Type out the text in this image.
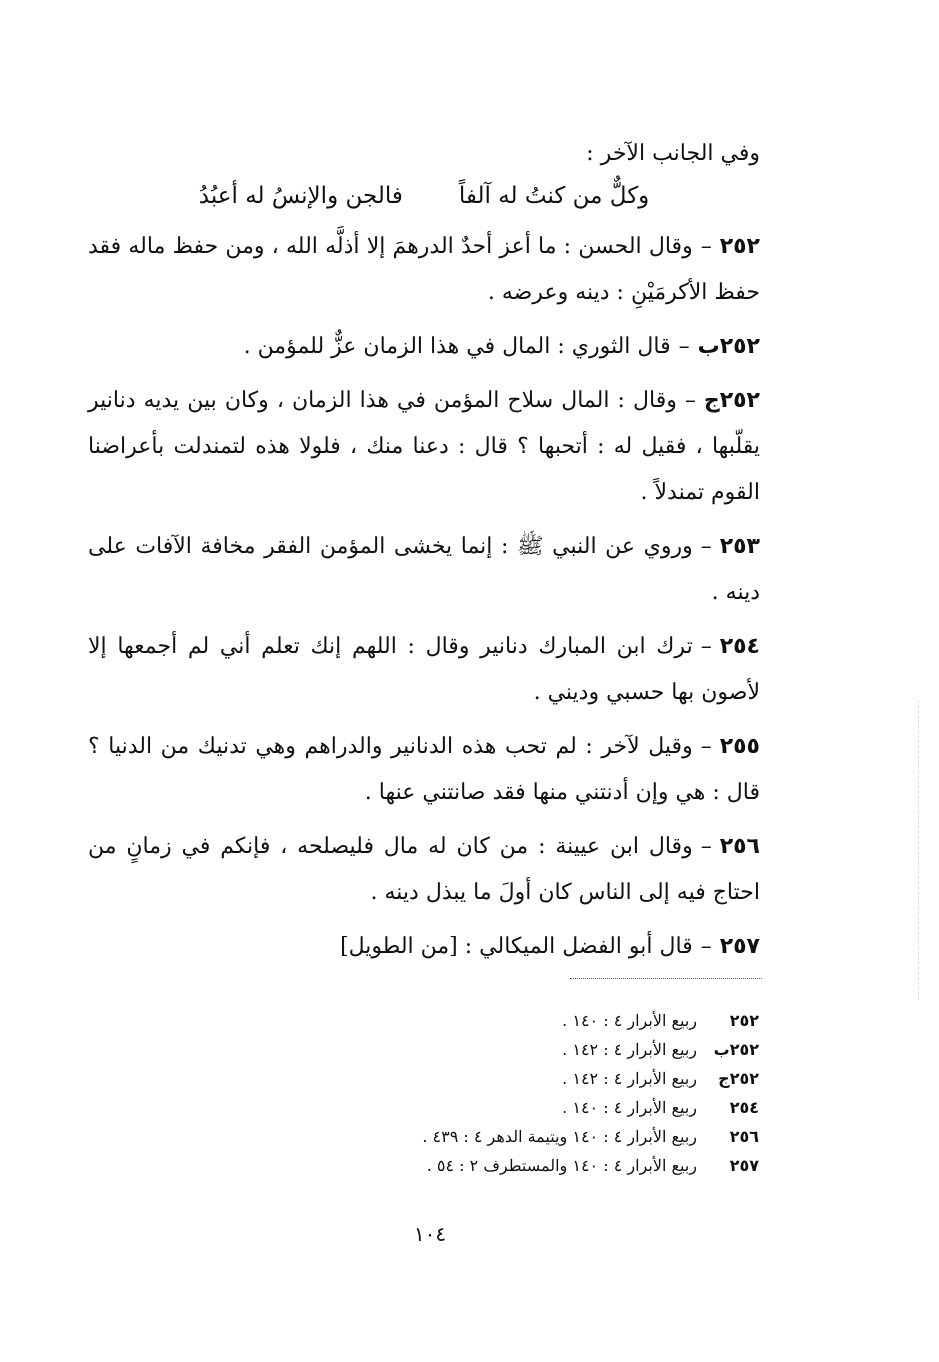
وفي الجانب الآخر :

وكلٌّ من كنتُ له آلفاً
فالجن والإنسُ له أعبُدُ

٢٥٢–وقال الحسن : ما أعز أحدٌ الدرهمَ إلا أذلَّه الله ، ومن حفظ ماله فقد حفظ الأكرمَيْنِ : دينه وعرضه .

٢٥٢ب–قال الثوري : المال في هذا الزمان عزٌّ للمؤمن .

٢٥٢ج–وقال : المال سلاح المؤمن في هذا الزمان ، وكان بين يديه دنانير يقلّبها ، فقيل له : أتحبها ؟ قال : دعنا منك ، فلولا هذه لتمندلت بأعراضنا القوم تمندلاً .

٢٥٣–وروي عن النبي ﷺ : إنما يخشى المؤمن الفقر مخافة الآفات على دينه .

٢٥٤–ترك ابن المبارك دنانير وقال : اللهم إنك تعلم أني لم أجمعها إلا لأصون بها حسبي وديني .

٢٥٥–وقيل لآخر : لم تحب هذه الدنانير والدراهم وهي تدنيك من الدنيا ؟ قال : هي وإن أدنتني منها فقد صانتني عنها .

٢٥٦–وقال ابن عيينة : من كان له مال فليصلحه ، فإنكم في زمانٍ من احتاج فيه إلى الناس كان أولَ ما يبذل دينه .

٢٥٧–قال أبو الفضل الميكالي : [من الطويل]

٢٥٢
ربيع الأبرار ٤ : ١٤٠ .
٢٥٢ب
ربيع الأبرار ٤ : ١٤٢ .
٢٥٢ج
ربيع الأبرار ٤ : ١٤٢ .
٢٥٤
ربيع الأبرار ٤ : ١٤٠ .
٢٥٦
ربيع الأبرار ٤ : ١٤٠ ويتيمة الدهر ٤ : ٤٣٩ .
٢٥٧
ربيع الأبرار ٤ : ١٤٠ والمستطرف ٢ : ٥٤ .
١٠٤
